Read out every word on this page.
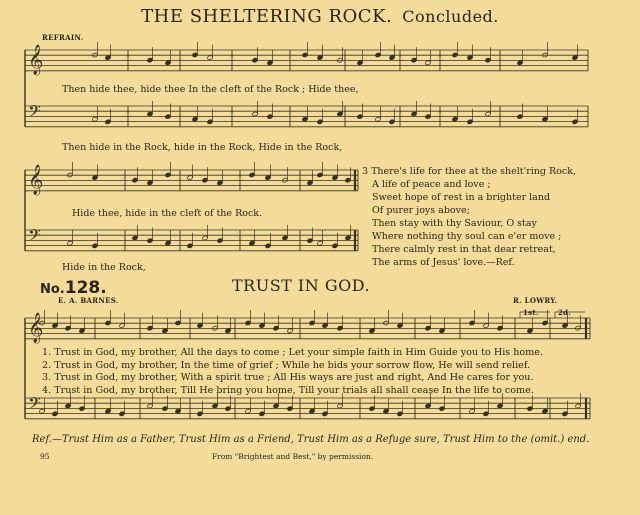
THE SHELTERING ROCK. Concluded.
𝄞
𝄢
𝄞
𝄢
𝄞
𝄢
REFRAIN.
Then hide thee, hide thee In the cleft of the Rock ; Hide thee,
Then hide in the Rock, hide in the Rock, Hide in the Rock,
Hide thee, hide in the cleft of the Rock.
Hide in the Rock,
3 There's life for thee at the shelt'ring Rock,
A life of peace and love ;
Sweet hope of rest in a brighter land
Of purer joys above;
Then stay with thy Saviour, O stay
Where nothing thy soul can e'er move ;
There calmly rest in that dear retreat,
The arms of Jesus' love.—Ref.
No.128.	TRUST IN GOD.
E. A. BARNES.	R. LOWRY.
1st.	2d.
1. Trust in God, my brother, All the days to come ; Let your simple faith in Him Guide you to His home.
2. Trust in God, my brother, In the time of grief ; While he bids your sorrow flow, He will send relief.
3. Trust in God, my brother, With a spirit true ; All His ways are just and right, And He cares for you.
4. Trust in God, my brother, Till He bring you home, Till your trials all shall cease In the life to come.
Ref.—Trust Him as a Father, Trust Him as a Friend, Trust Him as a Refuge sure, Trust Him to the (omit.) end.
95	From "Brightest and Best," by permission.
